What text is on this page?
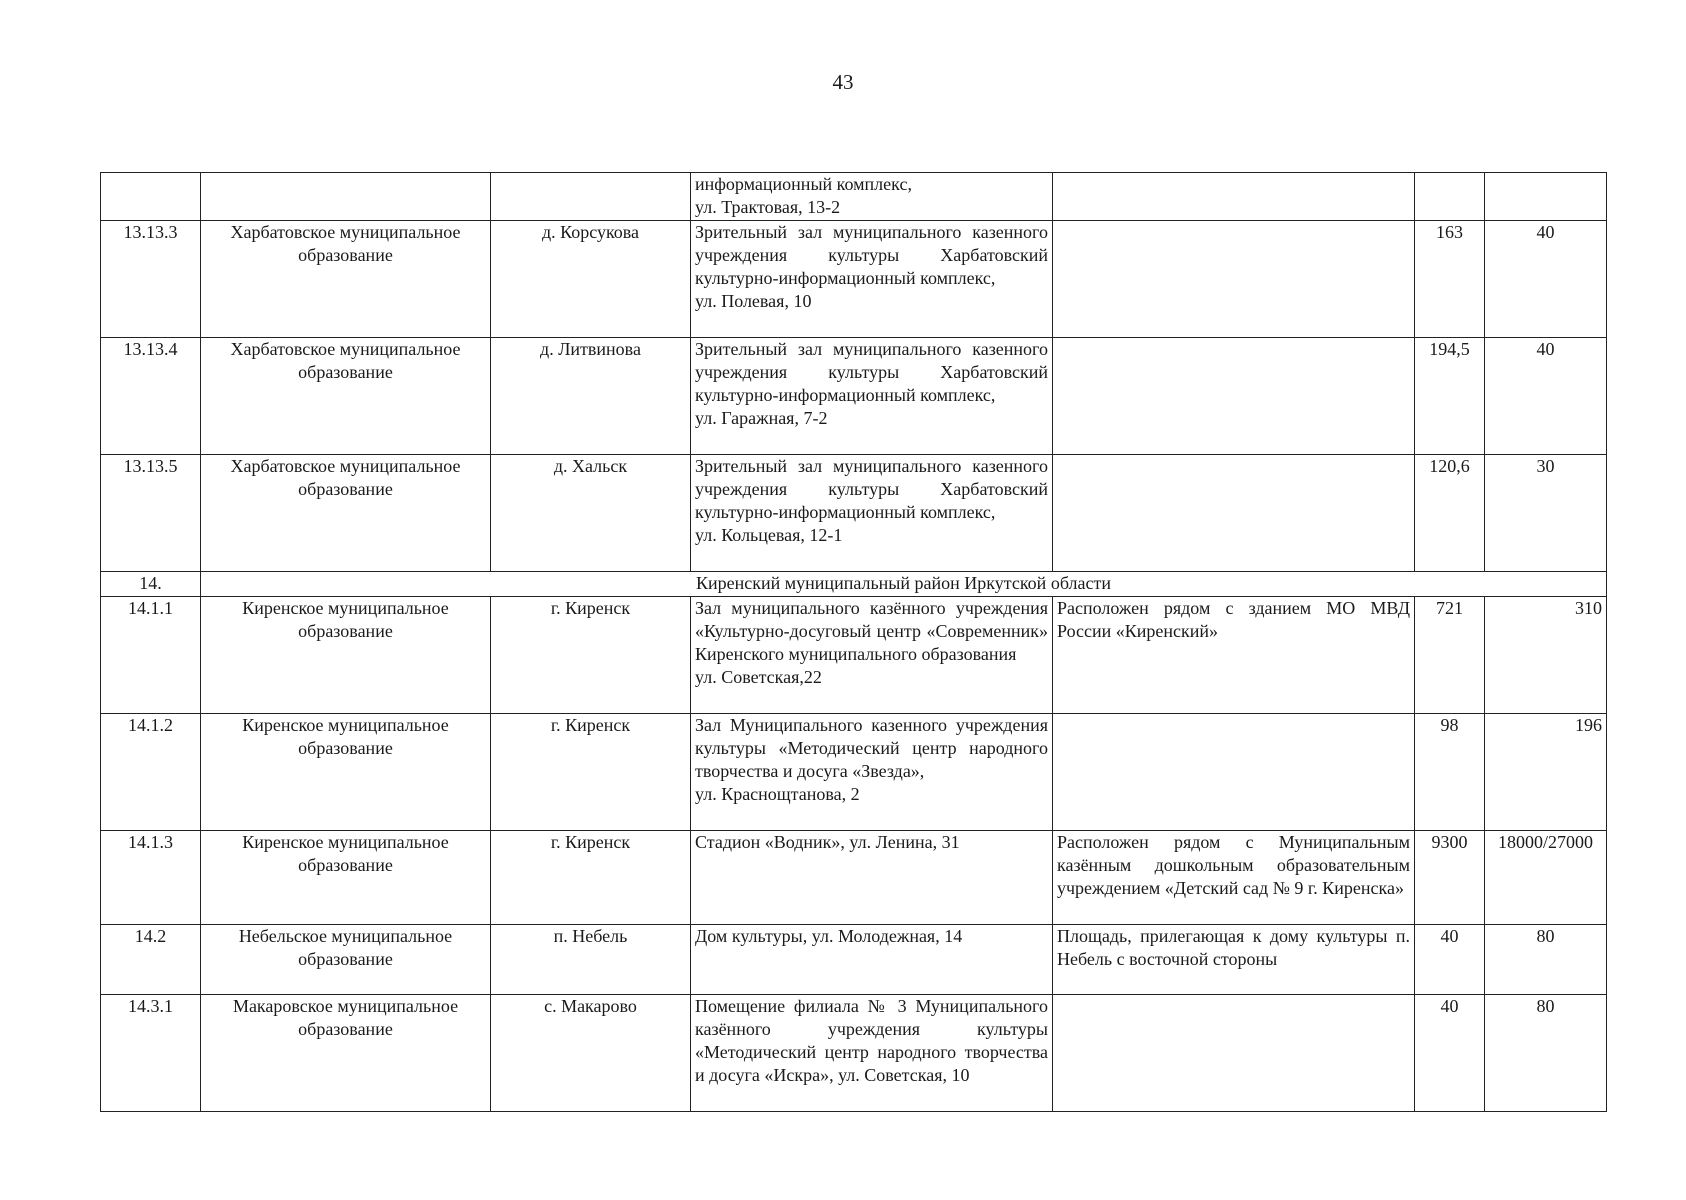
43

			информационный комплекс,
ул. Трактовая, 13-2			

13.13.3	Харбатовское муниципальное образование	д. Корсукова	Зрительный зал муниципального казенного учреждения культуры Харбатовский культурно-информационный комплекс,
ул. Полевая, 10		163	40
13.13.4	Харбатовское муниципальное образование	д. Литвинова	Зрительный зал муниципального казенного учреждения культуры Харбатовский культурно-информационный комплекс,
ул. Гаражная, 7-2		194,5	40
13.13.5	Харбатовское муниципальное образование	д. Хальск	Зрительный зал муниципального казенного учреждения культуры Харбатовский культурно-информационный комплекс,
ул. Кольцевая, 12-1		120,6	30
14.	Киренский муниципальный район Иркутской области					
14.1.1	Киренское муниципальное образование	г. Киренск	Зал муниципального казённого учреждения «Культурно-досуговый центр «Современник» Киренского муниципального образования
ул. Советская,22	Расположен рядом с зданием МО МВД России «Киренский»	721	310
14.1.2	Киренское муниципальное образование	г. Киренск	Зал Муниципального казенного учреждения культуры «Методический центр народного творчества и досуга «Звезда»,
ул. Краснощтанова, 2		98	196
14.1.3	Киренское муниципальное образование	г. Киренск	Стадион «Водник», ул. Ленина, 31	Расположен рядом с Муниципальным казённым дошкольным образовательным учреждением «Детский сад № 9 г. Киренска»	9300	18000/27000
14.2	Небельское муниципальное образование	п. Небель	Дом культуры, ул. Молодежная, 14	Площадь, прилегающая к дому культуры п. Небель с восточной стороны	40	80
14.3.1	Макаровское муниципальное образование	с. Макарово	Помещение филиала № 3 Муниципального казённого учреждения культуры «Методический центр народного творчества и досуга «Искра», ул. Советская, 10		40	80
